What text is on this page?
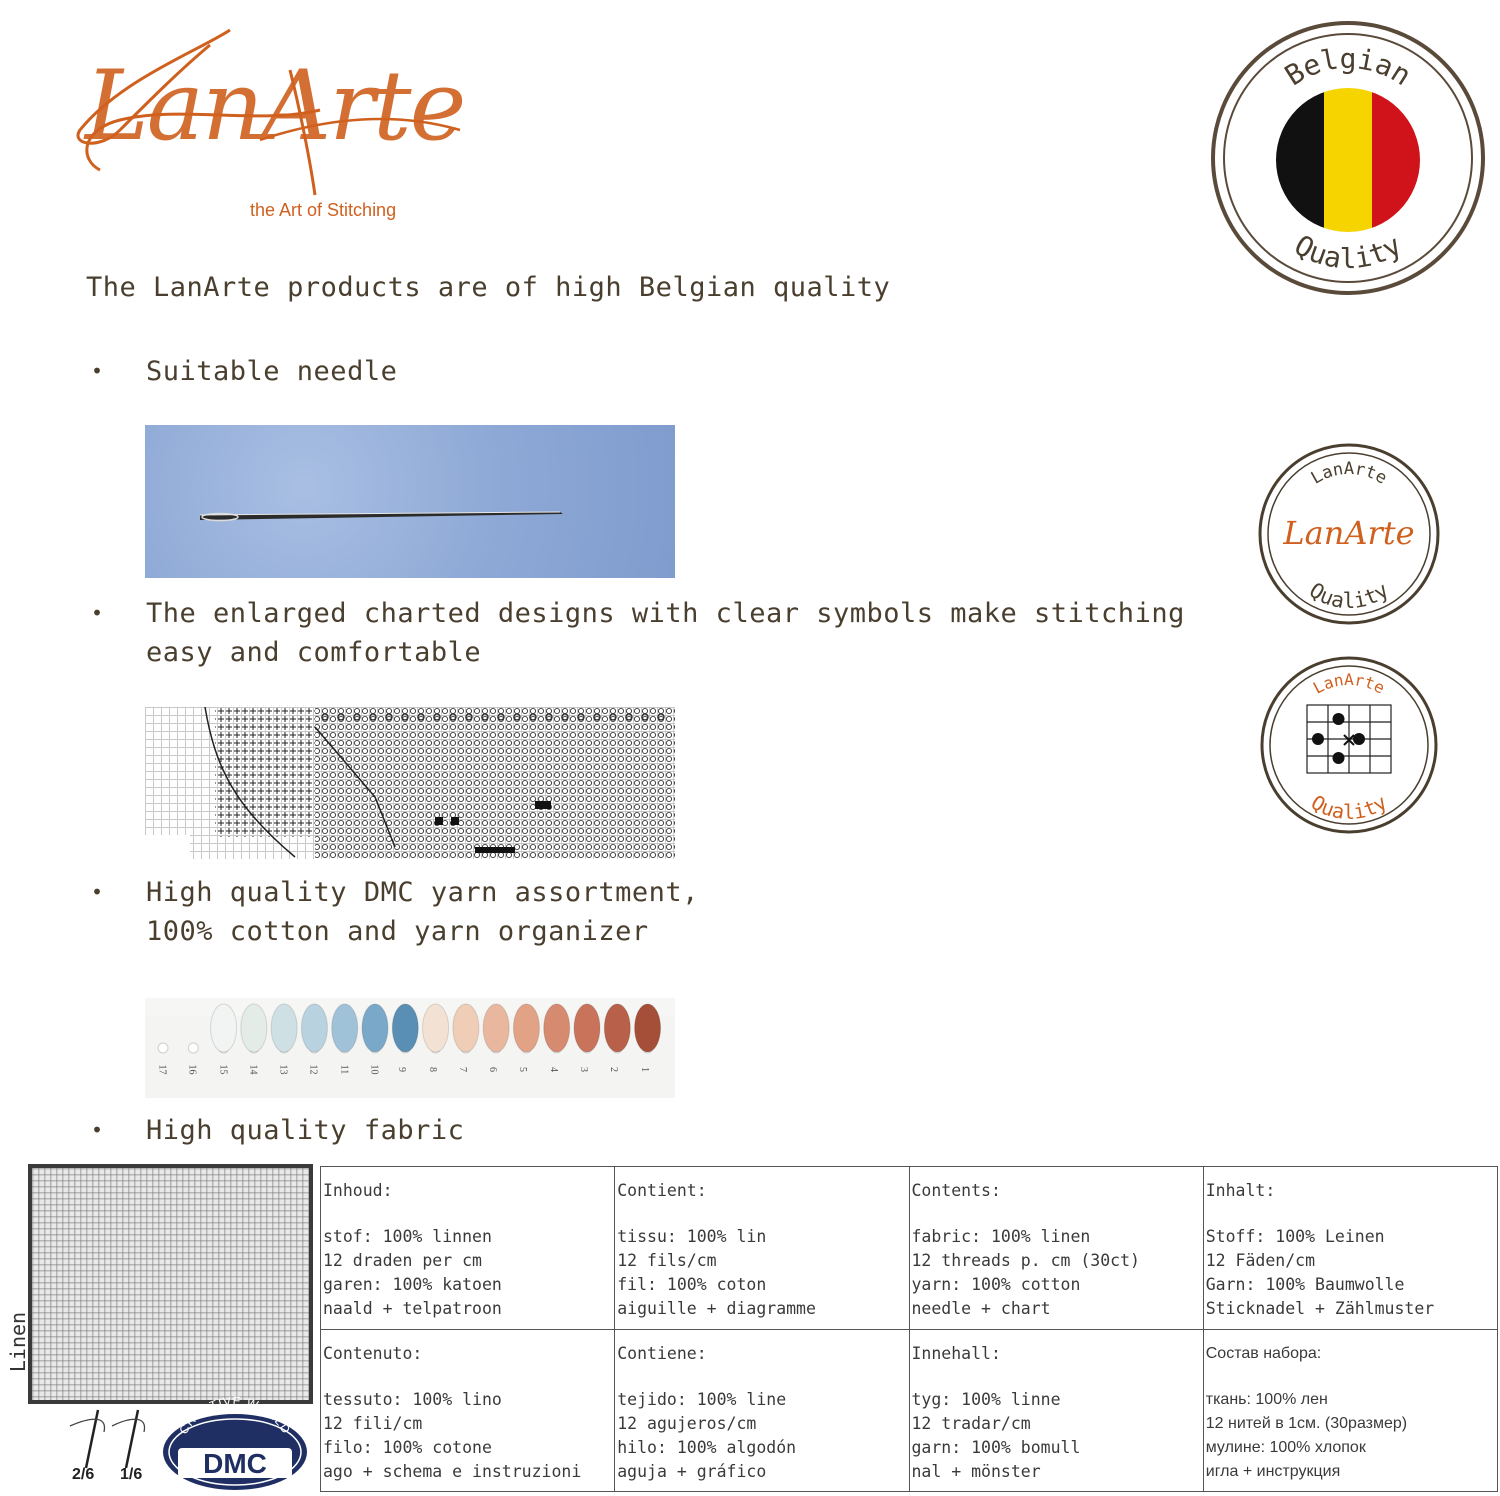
LanArte
the Art of Stitching
Belgian
Quality
The LanArte products are of high Belgian quality
• Suitable needle
• The enlarged charted designs with clear symbols make stitching
easy and comfortable
• High quality DMC yarn assortment,
100% cotton and yarn organizer
17 16 15 14 13 12 11 10 9 8 7 6 5 4 3 2 1
• High quality fabric
LanArte
Quality
LanArte
LanArte
Quality
Linen
2/6 1/6
CREATIVE WORLD
DMC
Inhoud:
stof: 100% linnen
12 draden per cm
garen: 100% katoen
naald + telpatroon	Contient:
tissu: 100% lin
12 fils/cm
fil: 100% coton
aiguille + diagramme	Contents:
fabric: 100% linen
12 threads p. cm (30ct)
yarn: 100% cotton
needle + chart	Inhalt:
Stoff: 100% Leinen
12 Fäden/cm
Garn: 100% Baumwolle
Sticknadel + Zählmuster

Contenuto:
tessuto: 100% lino
12 fili/cm
filo: 100% cotone
ago + schema e instruzioni	Contiene:
tejido: 100% line
12 agujeros/cm
hilo: 100% algodón
aguja + gráfico	Innehall:
tyg: 100% linne
12 tradar/cm
garn: 100% bomull
nal + mönster	Состав набора:
ткань: 100% лен
12 нитей в 1см. (30размер)
мулине: 100% хлопок
игла + инструкция
